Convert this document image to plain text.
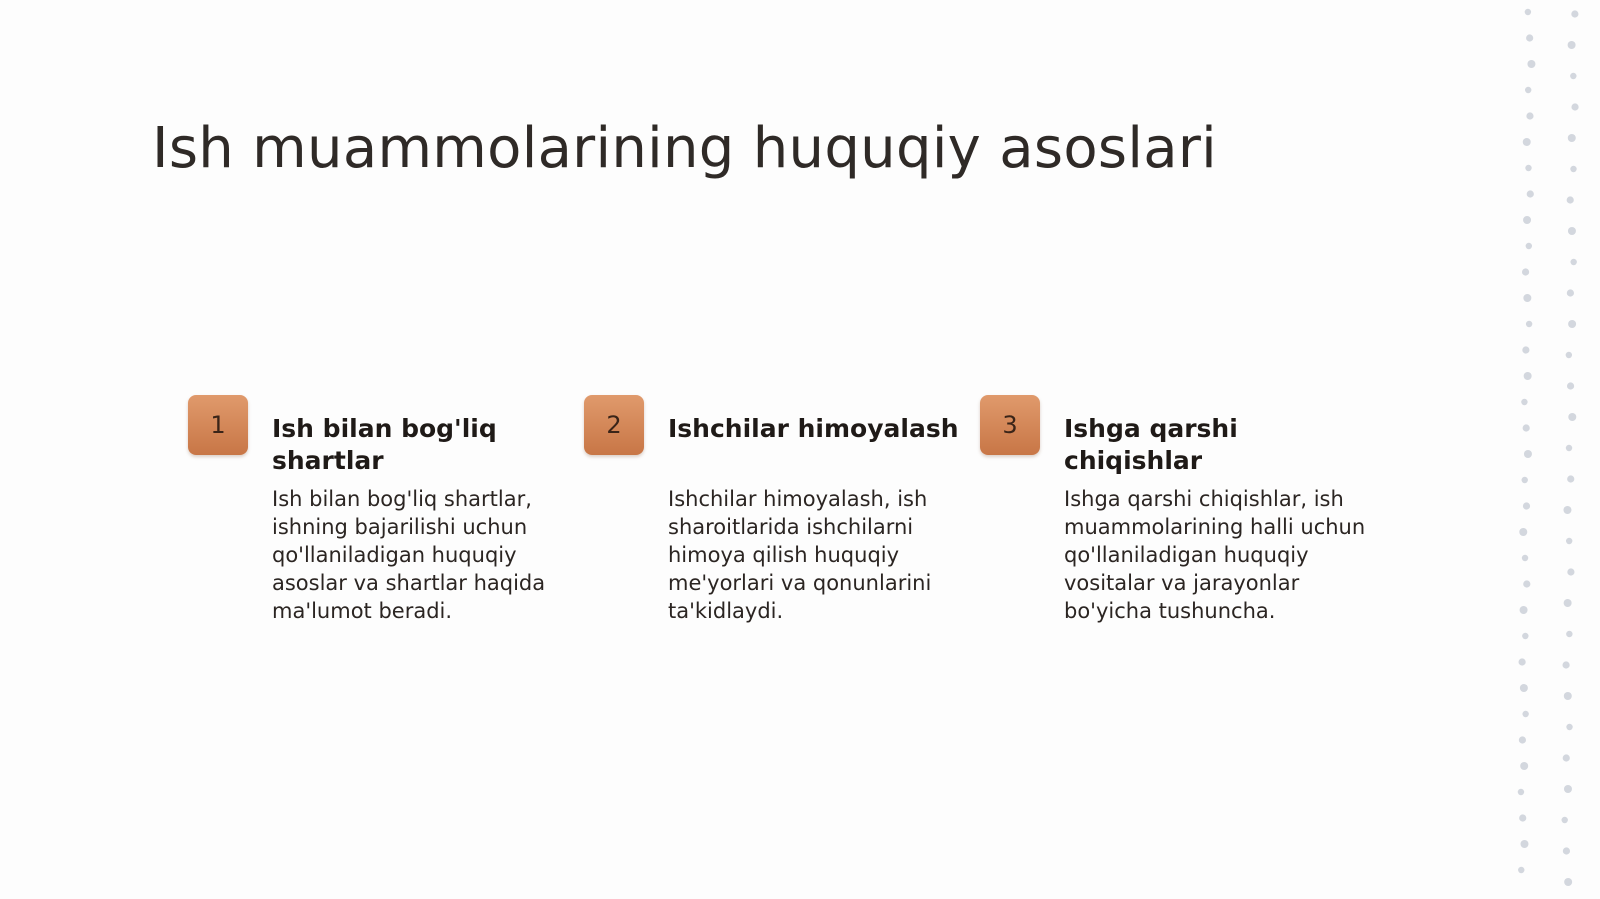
Ish muammolarining huquqiy asoslari
1	Ish bilan bog'liq shartlar

Ish bilan bog'liq shartlar, ishning bajarilishi uchun qo'llaniladigan huquqiy asoslar va shartlar haqida ma'lumot beradi.

2	Ishchilar himoyalash

Ishchilar himoyalash, ish sharoitlarida ishchilarni himoya qilish huquqiy me'yorlari va qonunlarini ta'kidlaydi.

3	Ishga qarshi chiqishlar

Ishga qarshi chiqishlar, ish muammolarining halli uchun qo'llaniladigan huquqiy vositalar va jarayonlar bo'yicha tushuncha.
